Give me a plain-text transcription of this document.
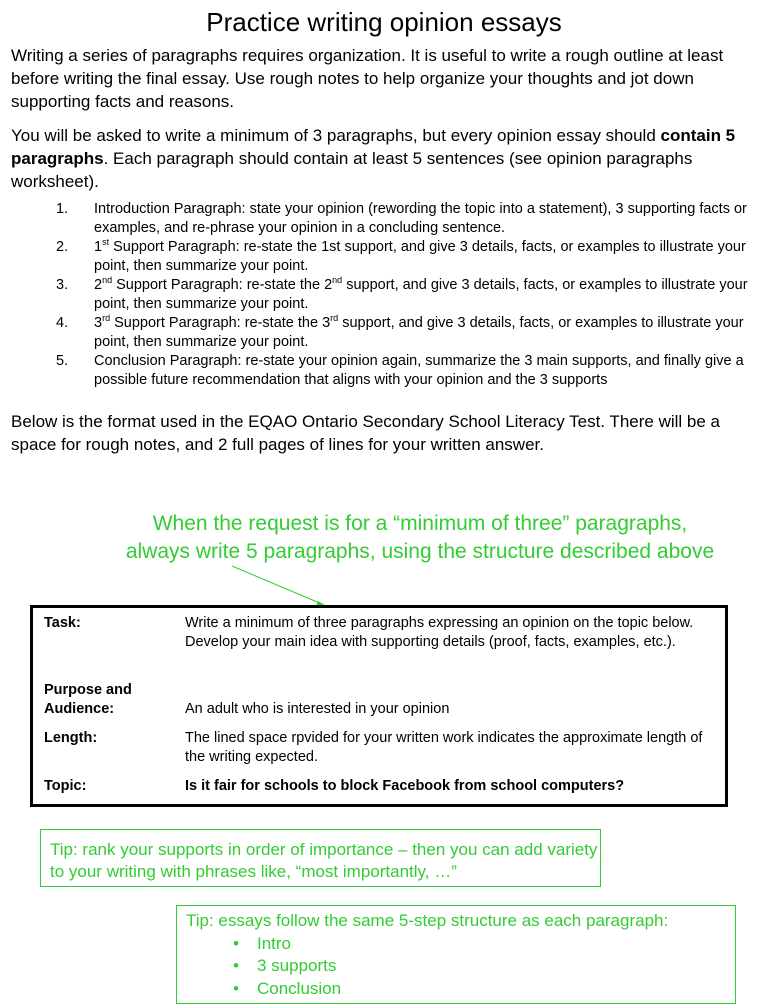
Practice writing opinion essays
Writing a series of paragraphs requires organization. It is useful to write a rough outline at least before writing the final essay. Use rough notes to help organize your thoughts and jot down supporting facts and reasons.
You will be asked to write a minimum of 3 paragraphs, but every opinion essay should contain 5 paragraphs. Each paragraph should contain at least 5 sentences (see opinion paragraphs worksheet).
1.	Introduction Paragraph: state your opinion (rewording the topic into a statement), 3 supporting facts or examples, and re-phrase your opinion in a concluding sentence.
2.	1st Support Paragraph: re-state the 1st support, and give 3 details, facts, or examples to illustrate your point, then summarize your point.
3.	2nd Support Paragraph: re-state the 2nd support, and give 3 details, facts, or examples to illustrate your point, then summarize your point.
4.	3rd Support Paragraph: re-state the 3rd support, and give 3 details, facts, or examples to illustrate your point, then summarize your point.
5.	Conclusion Paragraph: re-state your opinion again, summarize the 3 main supports, and finally give a possible future recommendation that aligns with your opinion and the 3 supports
Below is the format used in the EQAO Ontario Secondary School Literacy Test. There will be a space for rough notes, and 2 full pages of lines for your written answer.
When the request is for a “minimum of three” paragraphs,
always write 5 paragraphs, using the structure described above
Task:	Write a minimum of three paragraphs expressing an opinion on the topic below. Develop your main idea with supporting details (proof, facts, examples, etc.).
Purpose and
Audience:	An adult who is interested in your opinion
Length:	The lined space rpvided for your written work indicates the approximate length of the writing expected.
Topic:	Is it fair for schools to block Facebook from school computers?
Tip: rank your supports in order of importance – then you can add variety to your writing with phrases like, “most importantly, …”
Tip: essays follow the same 5-step structure as each paragraph:
• Intro
• 3 supports
• Conclusion
